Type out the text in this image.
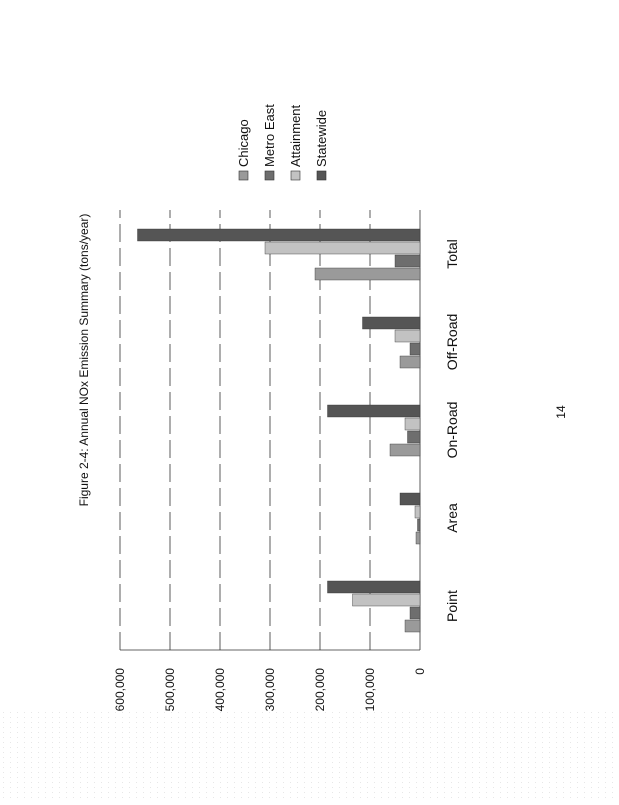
0
100,000
200,000
300,000
400,000
500,000
600,000
Point
Area
On-Road
Off-Road
Total
Chicago Metro East Attainment Statewide
Figure 2-4: Annual NOx Emission Summary (tons/year)	14
